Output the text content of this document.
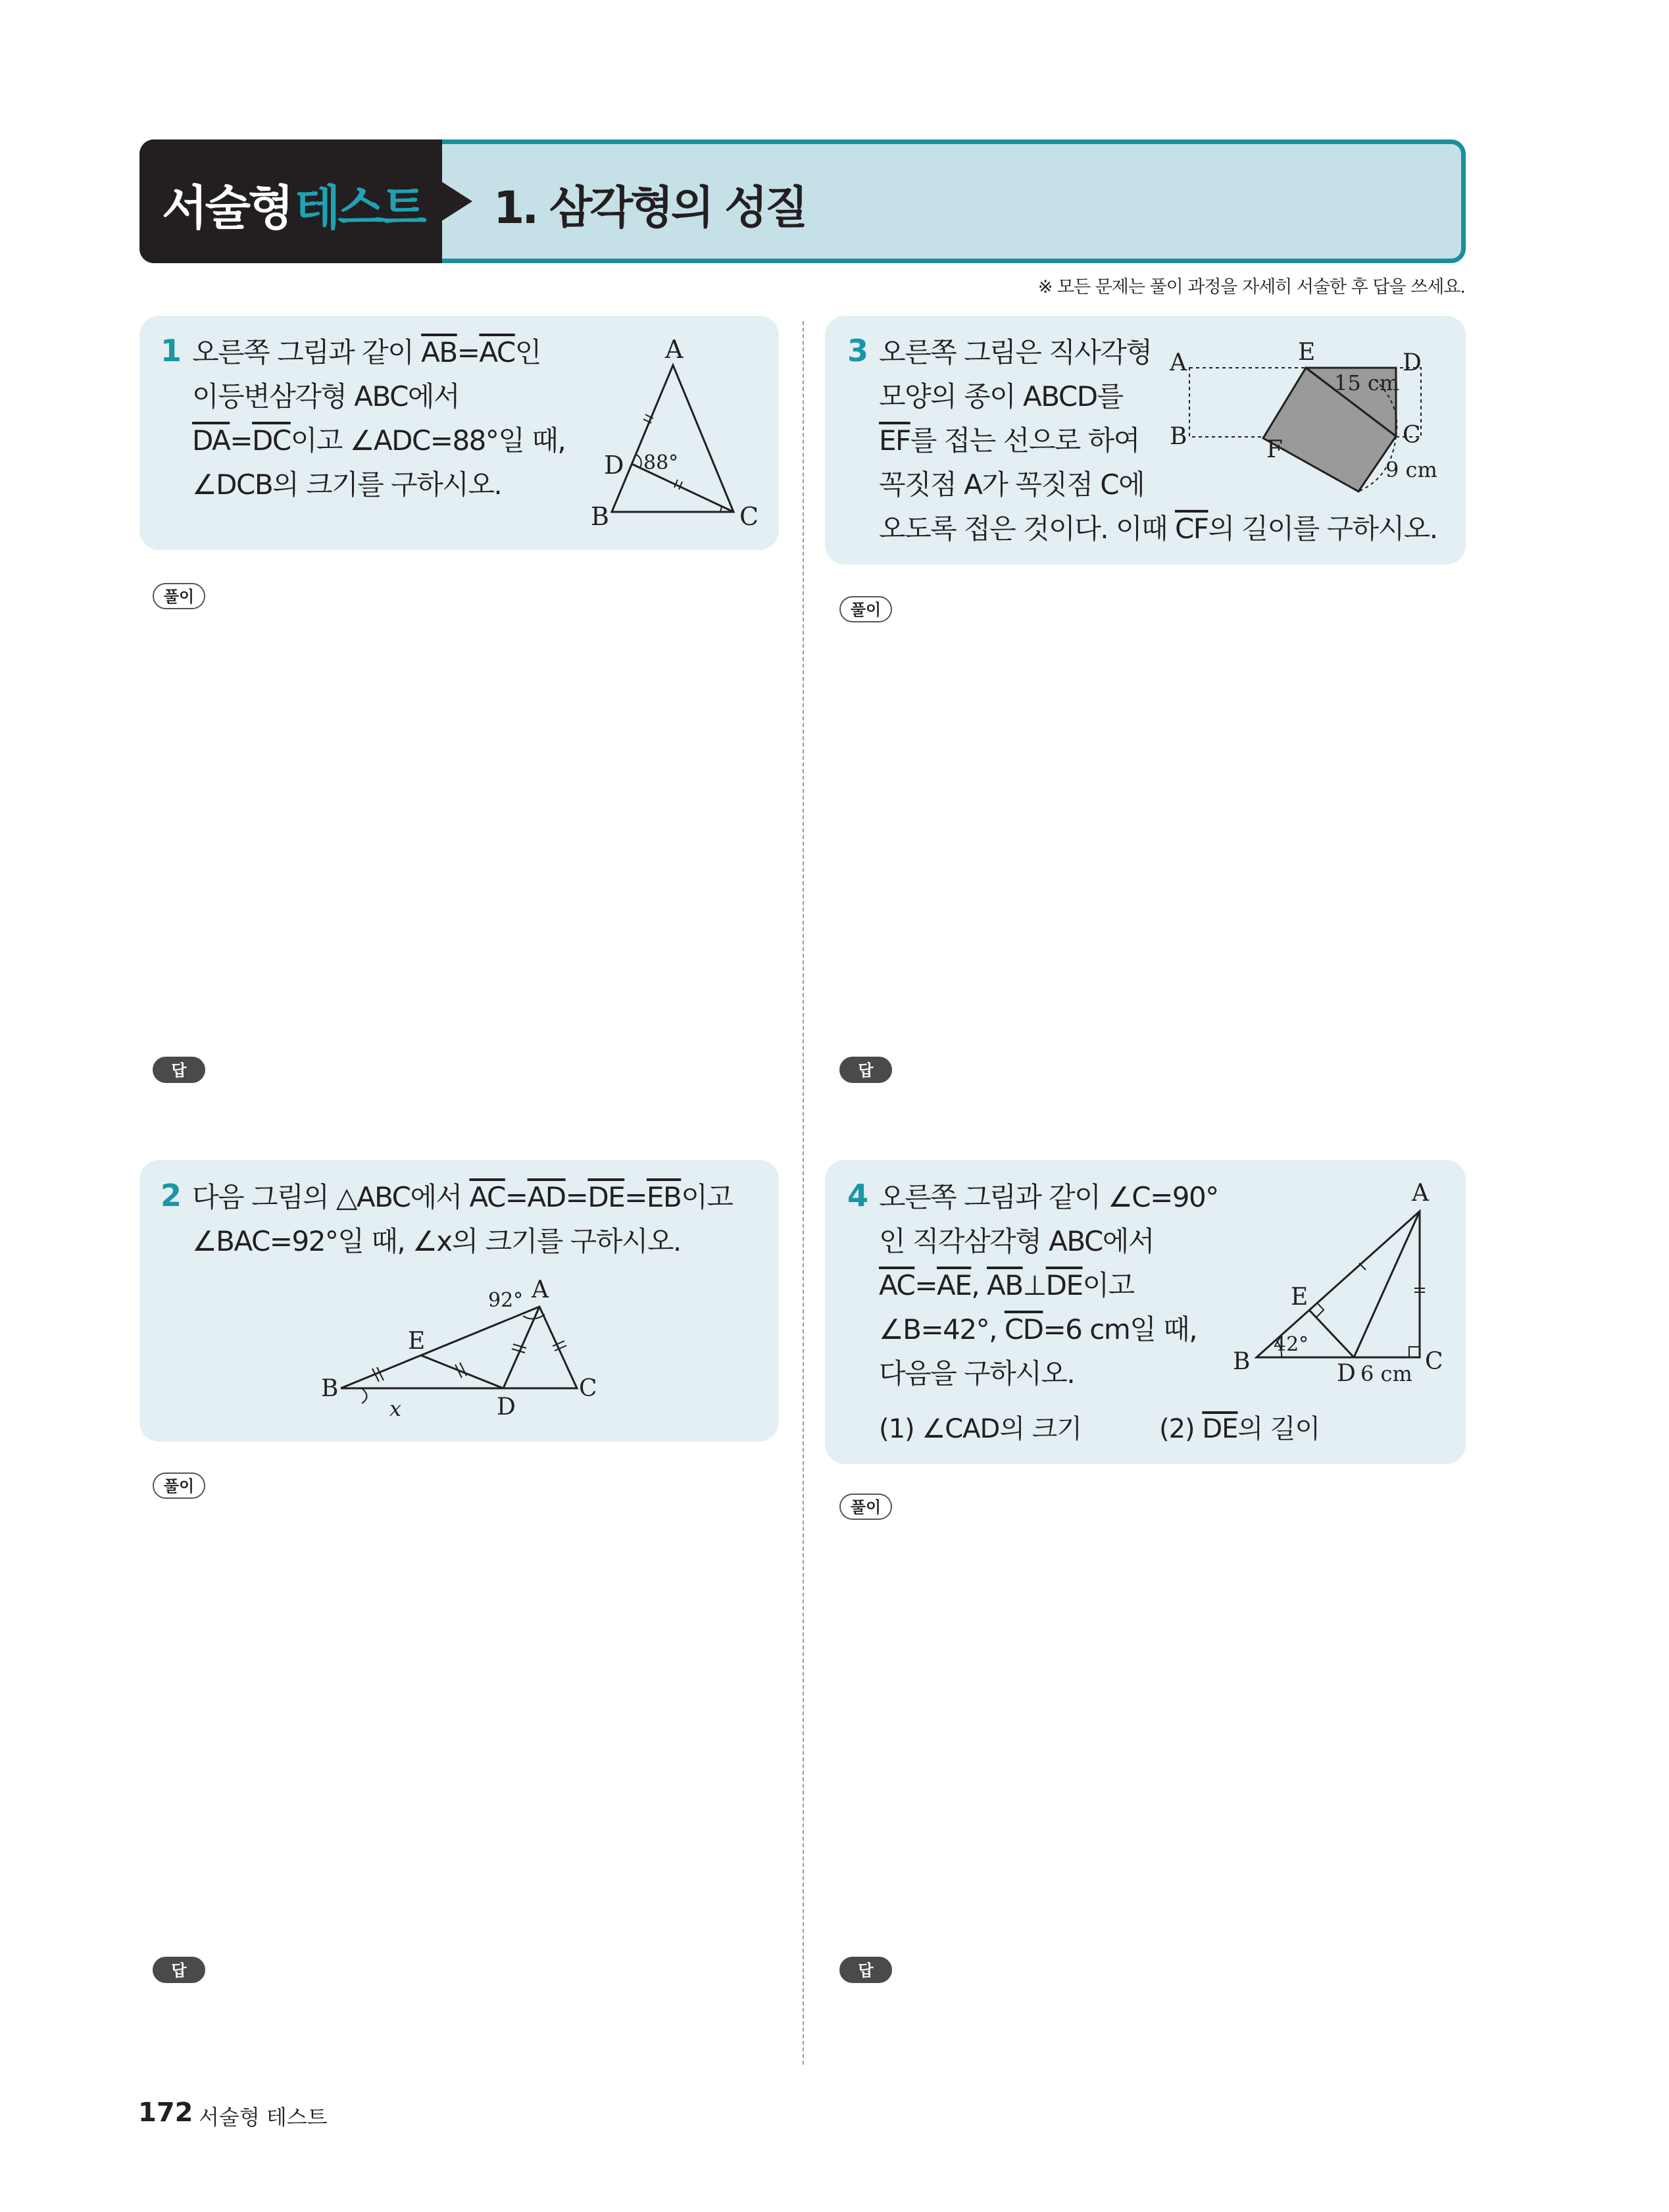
서술형 테스트 1. 삼각형의 성질
※ 모든 문제는 풀이 과정을 자세히 서술한 후 답을 쓰세요.
1 오른쪽 그림과 같이 $\overline{AB}=\overline{AC}$인
이등변삼각형 ABC에서
$\overline{DA}=\overline{DC}$이고 ∠ADC=88°일 때,
∠DCB의 크기를 구하시오.
A
B	C
D 88°
풀이
답
3 오른쪽 그림은 직사각형
모양의 종이 ABCD를
$\overline{EF}$를 접는 선으로 하여
꼭짓점 A가 꼭짓점 C에
오도록 접은 것이다. 이때 $\overline{CF}$의 길이를 구하시오.
A
B	C
D
E
F
15 cm
9 cm
풀이
답
2 다음 그림의 △ABC에서 $\overline{AC}=\overline{AD}=\overline{DE}=\overline{EB}$이고
∠BAC=92°일 때, ∠x의 크기를 구하시오.
92° A
B	C
D
E
x
풀이
답
4 오른쪽 그림과 같이 ∠C=90°
인 직각삼각형 ABC에서
$\overline{AC}=\overline{AE}$, $\overline{AB}\perp\overline{DE}$이고
∠B=42°, $\overline{CD}=6$ cm일 때,
다음을 구하시오.
(1) ∠CAD의 크기	(2) $\overline{DE}$의 길이
A
B	C
D
E
42°
6 cm
풀이
답
172 서술형 테스트
